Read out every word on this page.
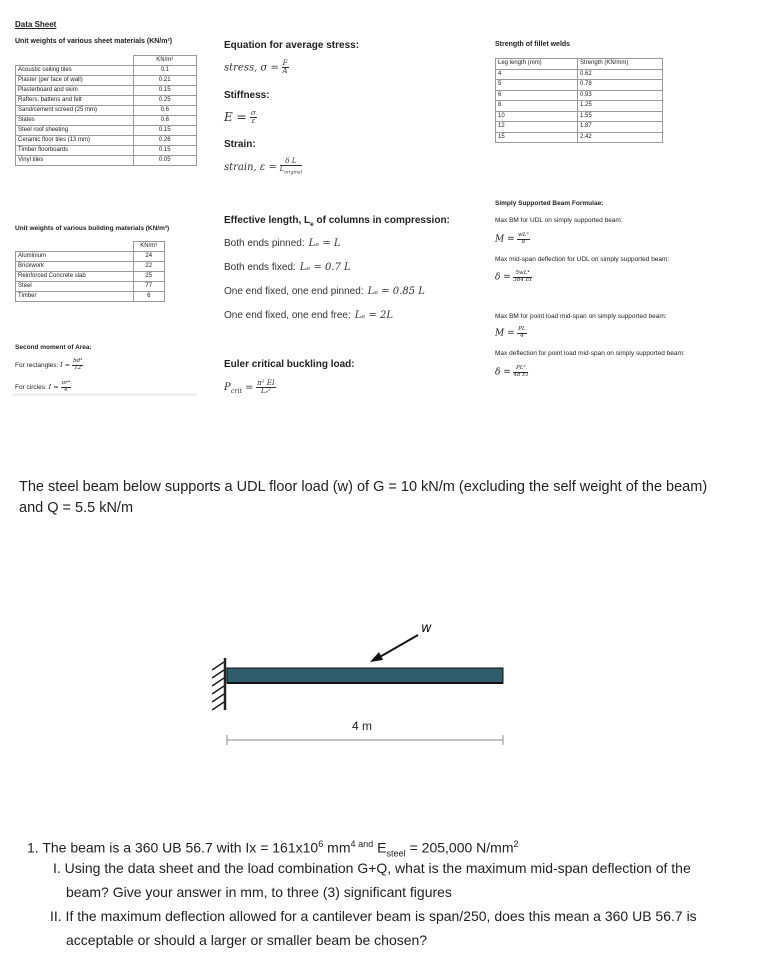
Data Sheet
Unit weights of various sheet materials (KN/m²)
	KN/m²
Acoustic ceiling tiles	0.1
Plaster (per face of wall)	0.21
Plasterboard and skim	0.15
Rafters, battens and felt	0.25
Sand/cement screed (25 mm)	0.6
Slates	0.6
Steel roof sheeting	0.15
Ceramic floor tiles (13 mm)	0.26
Timber floorboards	0.15
Vinyl tiles	0.05
Unit weights of various building materials (KN/m³)
	KN/m³
Aluminium	24
Brickwork	22
Reinforced Concrete slab	25
Steel	77
Timber	6
Second moment of Area:
For rectangles: $I = \frac{\text{bd³}}{12}$
For circles: $I = \frac{\text{πr⁴}}{4}$
Equation for average stress:
stress, $\sigma = \frac{F}{A}$
Stiffness:
$E = \frac{\sigma}{\varepsilon}$
Strain:
strain, $\varepsilon = \frac{\text{δ L}}{L_{original}}$
Effective length, $L_e$ of columns in compression:
Both ends pinned: Lₑ = L
Both ends fixed: Lₑ = 0.7 L
One end fixed, one end pinned: Lₑ = 0.85 L
One end fixed, one end free: Lₑ = 2L
Euler critical buckling load:
$P_{crit} = \frac{\text{π² EI}}{\text{Lₑ²}}$
Strength of fillet welds
Leg length (mm)	Strength (KN/mm)
4	0.62
5	0.78
6	0.93
8	1.25
10	1.55
12	1.87
15	2.42
Simply Supported Beam Formulae:
Max BM for UDL on simply supported beam:
$M = \frac{\text{wL²}}{8}$
Max mid-span deflection for UDL on simply supported beam:
$\delta = \frac{\text{5wL⁴}}{384 EI}$
Max BM for point load mid-span on simply supported beam:
$M = \frac{PL}{4}$
Max deflection for point load mid-span on simply supported beam:
$\delta = \frac{\text{PL³}}{48 EI}$
The steel beam below supports a UDL floor load (w) of G = 10 kN/m (excluding the self weight of the beam) and Q = 5.5 kN/m
w
4 m
1. The beam is a 360 UB 56.7 with $Ix = 161x10^6$ $mm^{4 and}$ $E_{steel} = 205,000$ $N/mm^2$
I. Using the data sheet and the load combination G+Q, what is the maximum mid-span deflection of the beam? Give your answer in mm, to three (3) significant figures
II. If the maximum deflection allowed for a cantilever beam is span/250, does this mean a 360 UB 56.7 is acceptable or should a larger or smaller beam be chosen?
